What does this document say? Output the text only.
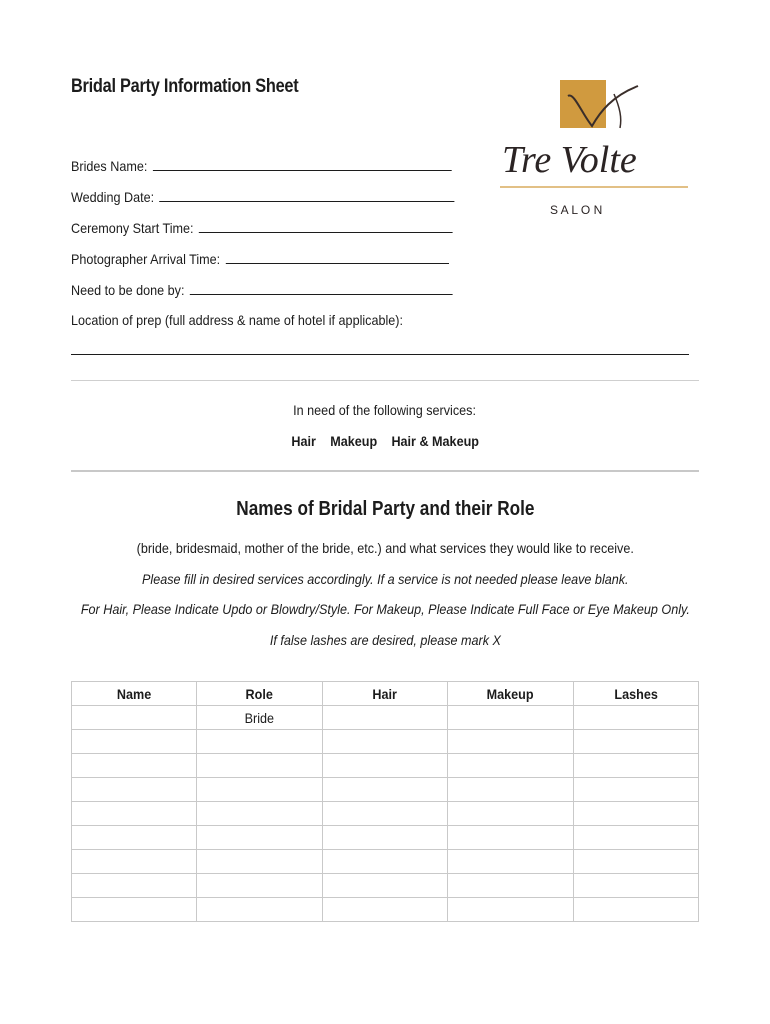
Bridal Party Information Sheet
Tre Volte
S A L O N
Brides Name:
Wedding Date:
Ceremony Start Time:
Photographer Arrival Time:
Need to be done by:
Location of prep (full address & name of hotel if applicable):
In need of the following services:
Hair Makeup Hair & Makeup
Names of Bridal Party and their Role
(bride, bridesmaid, mother of the bride, etc.) and what services they would like to receive.
Please fill in desired services accordingly. If a service is not needed please leave blank.
For Hair, Please Indicate Updo or Blowdry/Style. For Makeup, Please Indicate Full Face or Eye Makeup Only.
If false lashes are desired, please mark X
Name	Role	Hair	Makeup	Lashes
	Bride			
